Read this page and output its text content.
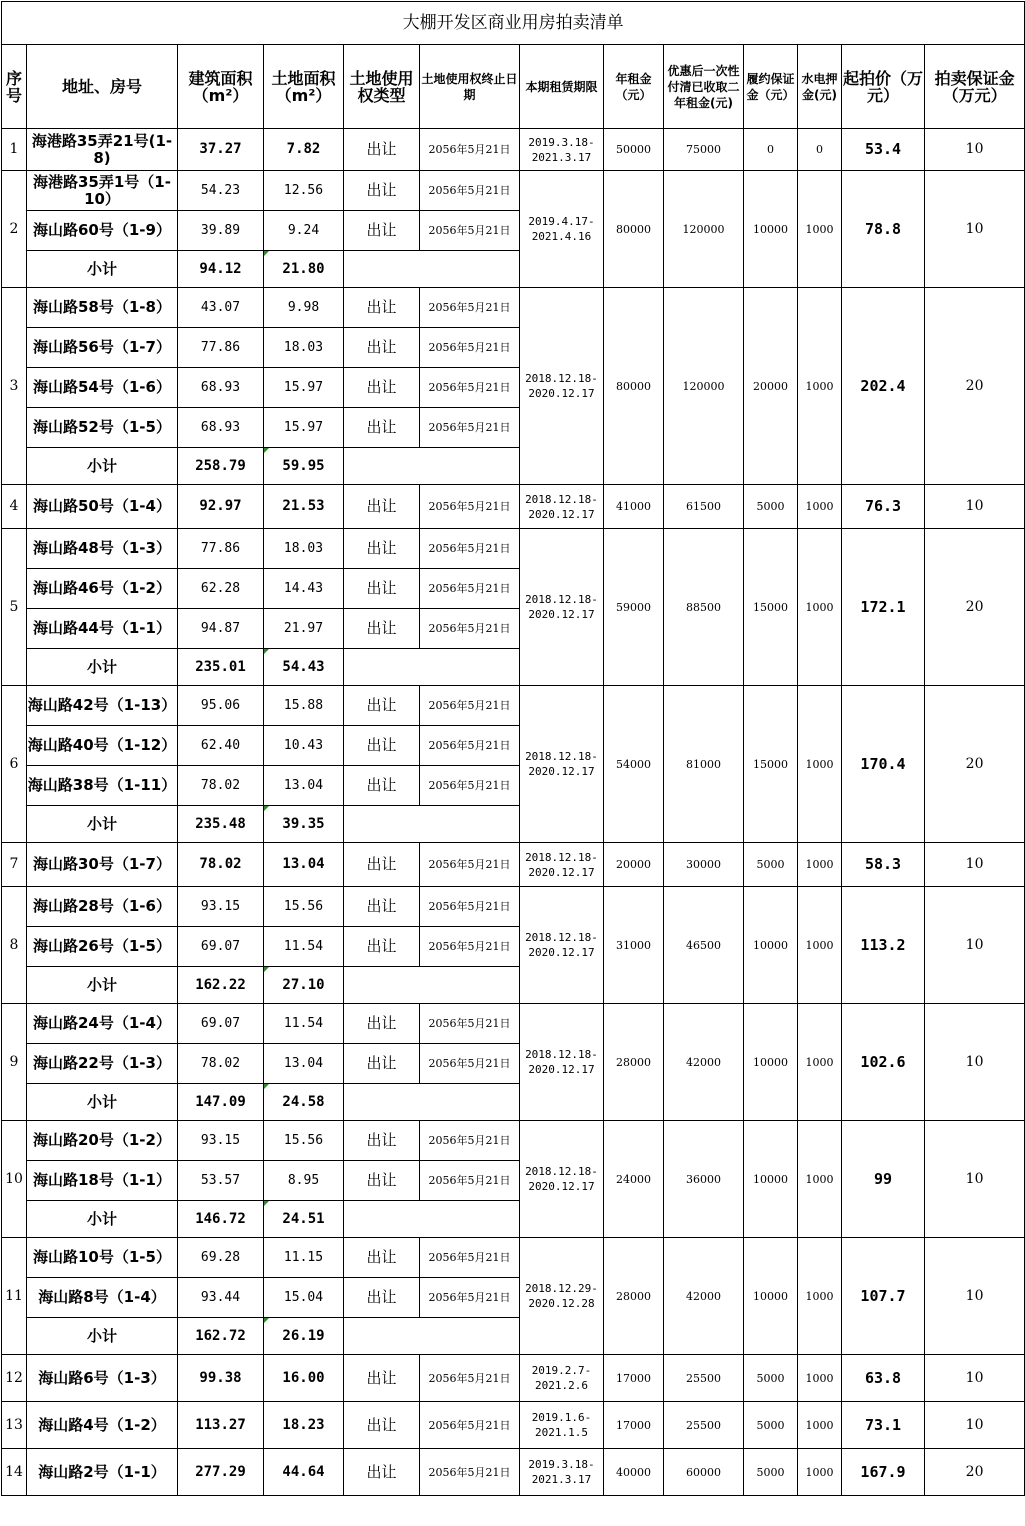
大棚开发区商业用房拍卖清单												
序号	地址、房号	建筑面积（m²）	土地面积（m²）	土地使用权类型	土地使用权终止日期	本期租赁期限	年租金（元）	优惠后一次性付清已收取二年租金(元)	履约保证金（元）	水电押金(元)	起拍价（万元）	拍卖保证金（万元）
1	海港路35弄21号(1-8)	37.27	7.82	出让	2056年5月21日	2019.3.18-2021.3.17	50000	75000	0	0	53.4	10
2	海港路35弄1号（1-10）	54.23	12.56	出让	2056年5月21日	2019.4.17-2021.4.16	80000	120000	10000	1000	78.8	10
	海山路60号（1-9）	39.89	9.24	出让	2056年5月21日							
	小计	94.12	21.80									
3	海山路58号（1-8）	43.07	9.98	出让	2056年5月21日	2018.12.18-2020.12.17	80000	120000	20000	1000	202.4	20
	海山路56号（1-7）	77.86	18.03	出让	2056年5月21日							
	海山路54号（1-6）	68.93	15.97	出让	2056年5月21日							
	海山路52号（1-5）	68.93	15.97	出让	2056年5月21日							
	小计	258.79	59.95									
4	海山路50号（1-4）	92.97	21.53	出让	2056年5月21日	2018.12.18-2020.12.17	41000	61500	5000	1000	76.3	10
5	海山路48号（1-3）	77.86	18.03	出让	2056年5月21日	2018.12.18-2020.12.17	59000	88500	15000	1000	172.1	20
	海山路46号（1-2）	62.28	14.43	出让	2056年5月21日							
	海山路44号（1-1）	94.87	21.97	出让	2056年5月21日							
	小计	235.01	54.43									
6	海山路42号（1-13）	95.06	15.88	出让	2056年5月21日	2018.12.18-2020.12.17	54000	81000	15000	1000	170.4	20
	海山路40号（1-12）	62.40	10.43	出让	2056年5月21日							
	海山路38号（1-11）	78.02	13.04	出让	2056年5月21日							
	小计	235.48	39.35									
7	海山路30号（1-7）	78.02	13.04	出让	2056年5月21日	2018.12.18-2020.12.17	20000	30000	5000	1000	58.3	10
8	海山路28号（1-6）	93.15	15.56	出让	2056年5月21日	2018.12.18-2020.12.17	31000	46500	10000	1000	113.2	10
	海山路26号（1-5）	69.07	11.54	出让	2056年5月21日							
	小计	162.22	27.10									
9	海山路24号（1-4）	69.07	11.54	出让	2056年5月21日	2018.12.18-2020.12.17	28000	42000	10000	1000	102.6	10
	海山路22号（1-3）	78.02	13.04	出让	2056年5月21日							
	小计	147.09	24.58									
10	海山路20号（1-2）	93.15	15.56	出让	2056年5月21日	2018.12.18-2020.12.17	24000	36000	10000	1000	99	10
	海山路18号（1-1）	53.57	8.95	出让	2056年5月21日							
	小计	146.72	24.51									
11	海山路10号（1-5）	69.28	11.15	出让	2056年5月21日	2018.12.29-2020.12.28	28000	42000	10000	1000	107.7	10
	海山路8号（1-4）	93.44	15.04	出让	2056年5月21日							
	小计	162.72	26.19									
12	海山路6号（1-3）	99.38	16.00	出让	2056年5月21日	2019.2.7-2021.2.6	17000	25500	5000	1000	63.8	10
13	海山路4号（1-2）	113.27	18.23	出让	2056年5月21日	2019.1.6-2021.1.5	17000	25500	5000	1000	73.1	10
14	海山路2号（1-1）	277.29	44.64	出让	2056年5月21日	2019.3.18-2021.3.17	40000	60000	5000	1000	167.9	20
